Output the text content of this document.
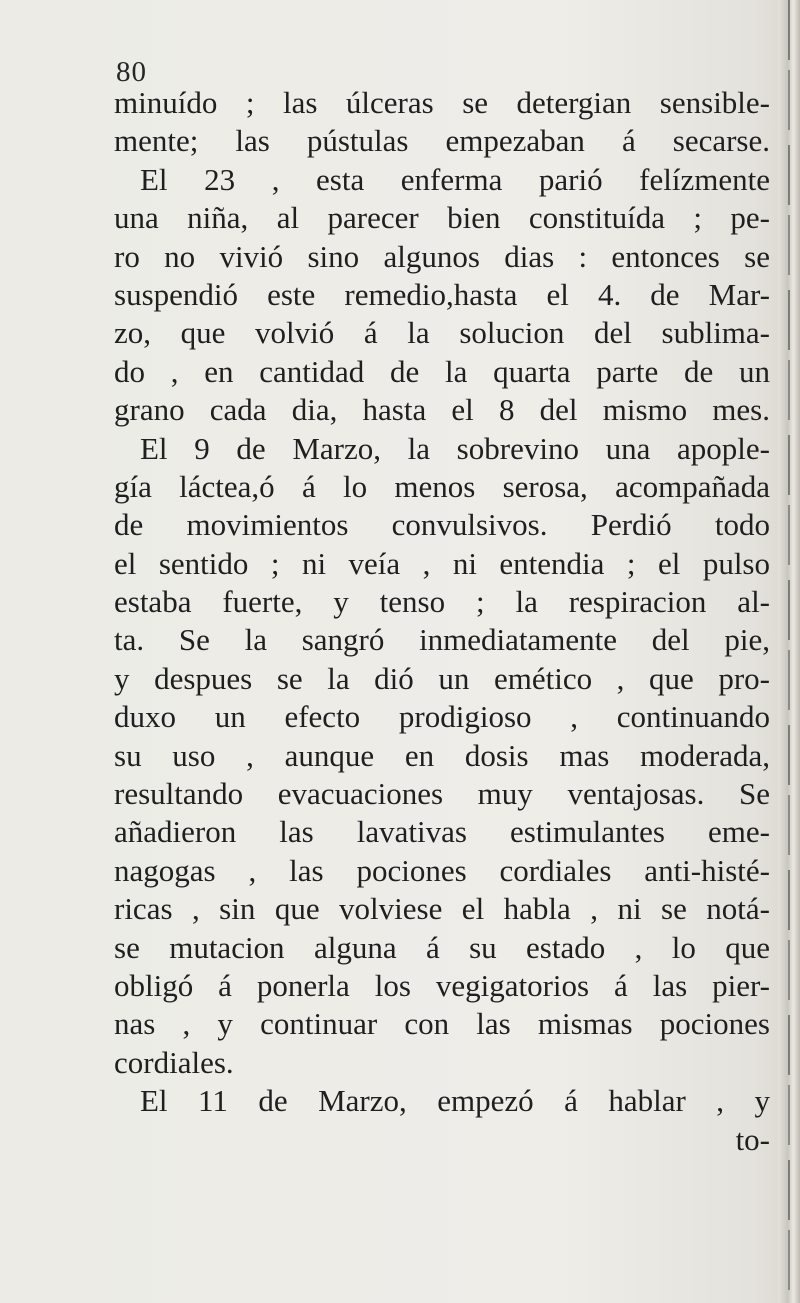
80
minuído ; las úlceras se detergian sensible-
mente; las pústulas empezaban á secarse.
El 23 , esta enferma parió felízmente
una niña, al parecer bien constituída ; pe-
ro no vivió sino algunos dias : entonces se
suspendió este remedio,hasta el 4. de Mar-
zo, que volvió á la solucion del sublima-
do , en cantidad de la quarta parte de un
grano cada dia, hasta el 8 del mismo mes.
El 9 de Marzo, la sobrevino una apople-
gía láctea,ó á lo menos serosa, acompañada
de movimientos convulsivos. Perdió todo
el sentido ; ni veía , ni entendia ; el pulso
estaba fuerte, y tenso ; la respiracion al-
ta. Se la sangró inmediatamente del pie,
y despues se la dió un emético , que pro-
duxo un efecto prodigioso , continuando
su uso , aunque en dosis mas moderada,
resultando evacuaciones muy ventajosas. Se
añadieron las lavativas estimulantes eme-
nagogas , las pociones cordiales anti-histé-
ricas , sin que volviese el habla , ni se notá-
se mutacion alguna á su estado , lo que
obligó á ponerla los vegigatorios á las pier-
nas , y continuar con las mismas pociones
cordiales.
El 11 de Marzo, empezó á hablar , y
to-
